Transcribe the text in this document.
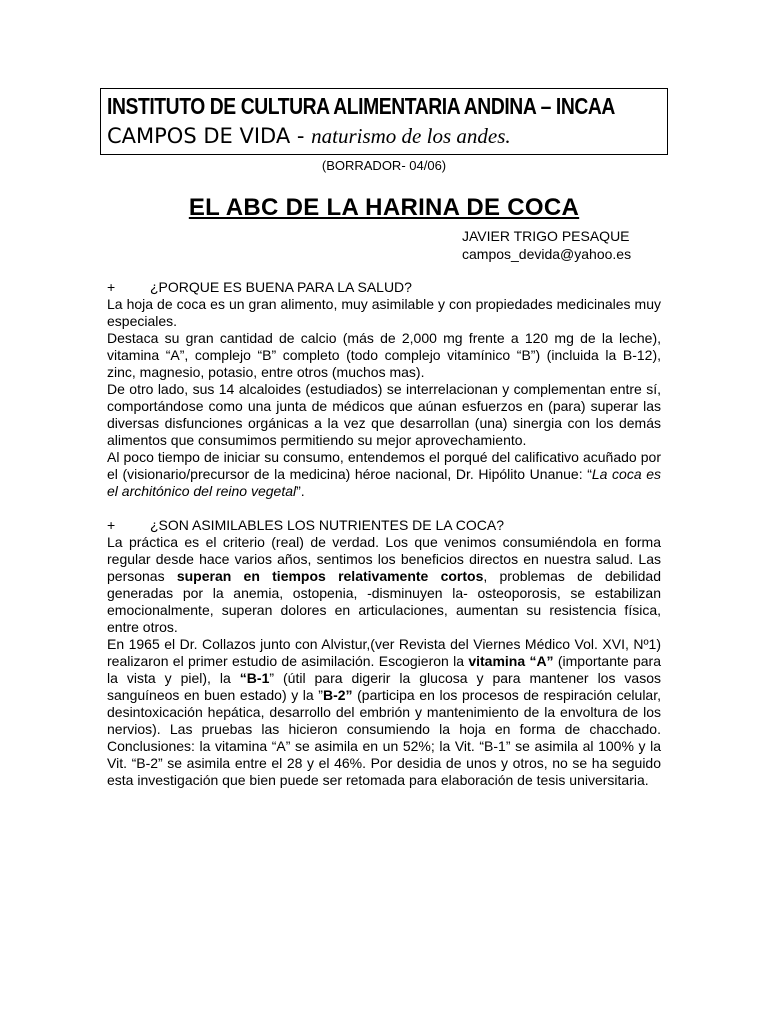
INSTITUTO DE CULTURA ALIMENTARIA ANDINA – INCAA
CAMPOS DE VIDA - naturismo de los andes.
(BORRADOR- 04/06)
EL ABC DE LA HARINA DE COCA
JAVIER TRIGO PESAQUE
campos_devida@yahoo.es
+	¿PORQUE ES BUENA PARA LA SALUD?

La hoja de coca es un gran alimento, muy asimilable y con propiedades medicinales muy especiales.

Destaca su gran cantidad de calcio (más de 2,000 mg frente a 120 mg de la leche), vitamina “A”, complejo “B” completo (todo complejo vitamínico “B”) (incluida la B-12), zinc, magnesio, potasio, entre otros (muchos mas).

De otro lado, sus 14 alcaloides (estudiados) se interrelacionan y complementan entre sí, comportándose como una junta de médicos que aúnan esfuerzos en (para) superar las diversas disfunciones orgánicas a la vez que desarrollan (una) sinergia con los demás alimentos que consumimos permitiendo su mejor aprovechamiento.

Al poco tiempo de iniciar su consumo, entendemos el porqué del calificativo acuñado por el (visionario/precursor de la medicina) héroe nacional, Dr. Hipólito Unanue: “La coca es el architónico del reino vegetal”.

+	¿SON ASIMILABLES LOS NUTRIENTES DE LA COCA?

La práctica es el criterio (real) de verdad. Los que venimos consumiéndola en forma regular desde hace varios años, sentimos los beneficios directos en nuestra salud. Las personas superan en tiempos relativamente cortos, problemas de debilidad generadas por la anemia, ostopenia, -disminuyen la- osteoporosis, se estabilizan emocionalmente, superan dolores en articulaciones, aumentan su resistencia física, entre otros.

En 1965 el Dr. Collazos junto con Alvistur,(ver Revista del Viernes Médico Vol. XVI, Nº1) realizaron el primer estudio de asimilación. Escogieron la vitamina “A” (importante para la vista y piel), la “B-1” (útil para digerir la glucosa y para mantener los vasos sanguíneos en buen estado) y la ”B-2” (participa en los procesos de respiración celular, desintoxicación hepática, desarrollo del embrión y mantenimiento de la envoltura de los nervios). Las pruebas las hicieron consumiendo la hoja en forma de chacchado. Conclusiones: la vitamina “A” se asimila en un 52%; la Vit. “B-1” se asimila al 100% y la Vit. “B-2” se asimila entre el 28 y el 46%. Por desidia de unos y otros, no se ha seguido esta investigación que bien puede ser retomada para elaboración de tesis universitaria.
